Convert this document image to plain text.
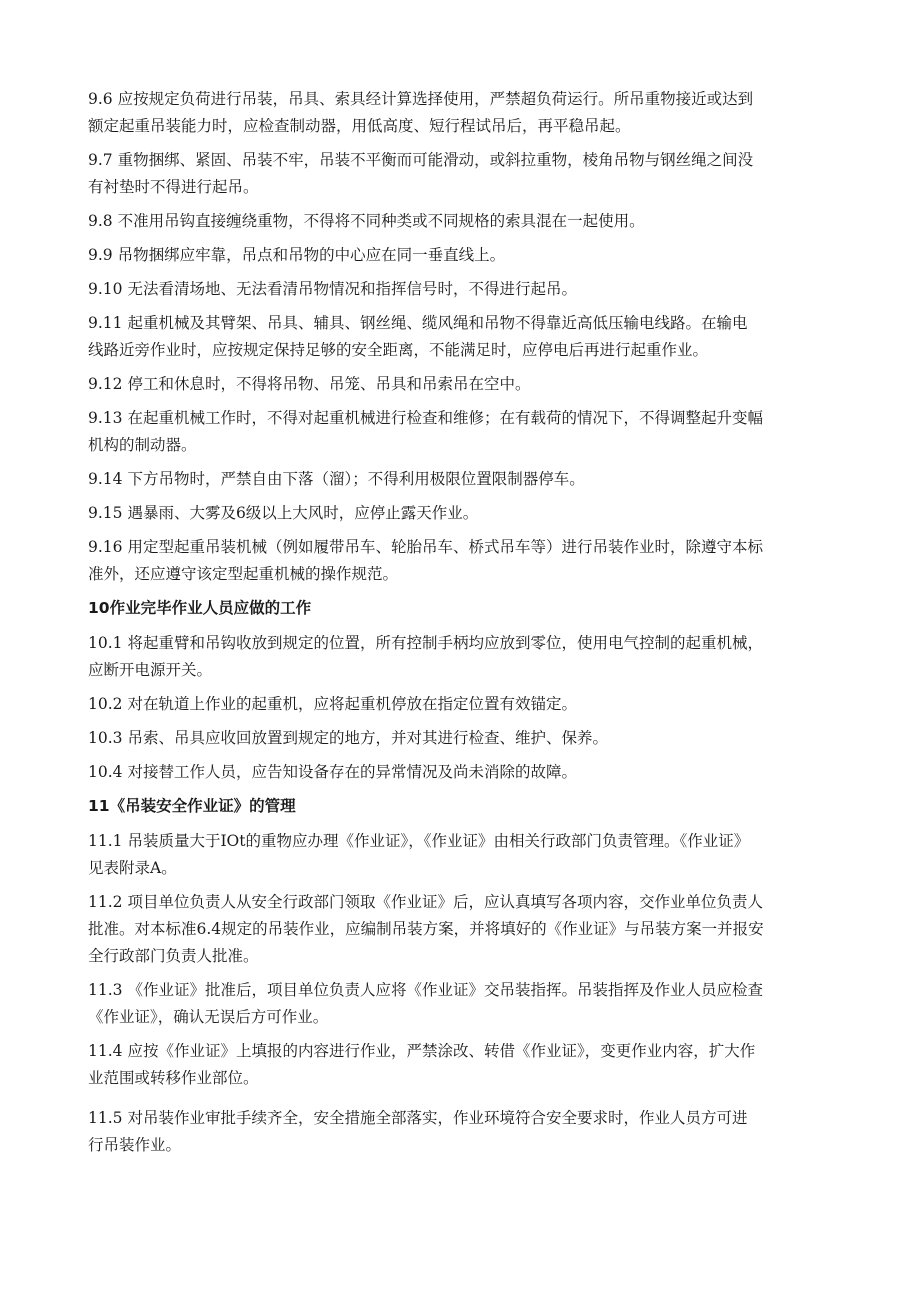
9.6 应按规定负荷进行吊装，吊具、索具经计算选择使用，严禁超负荷运行。所吊重物接近或达到
额定起重吊装能力时，应检查制动器，用低高度、短行程试吊后，再平稳吊起。
9.7 重物捆绑、紧固、吊装不牢，吊装不平衡而可能滑动，或斜拉重物，棱角吊物与钢丝绳之间没
有衬垫时不得进行起吊。
9.8 不准用吊钩直接缠绕重物，不得将不同种类或不同规格的索具混在一起使用。
9.9 吊物捆绑应牢靠，吊点和吊物的中心应在同一垂直线上。
9.10 无法看清场地、无法看清吊物情况和指挥信号时，不得进行起吊。
9.11 起重机械及其臂架、吊具、辅具、钢丝绳、缆风绳和吊物不得靠近高低压输电线路。在输电
线路近旁作业时，应按规定保持足够的安全距离，不能满足时，应停电后再进行起重作业。
9.12 停工和休息时，不得将吊物、吊笼、吊具和吊索吊在空中。
9.13 在起重机械工作时，不得对起重机械进行检查和维修；在有载荷的情况下，不得调整起升变幅
机构的制动器。
9.14 下方吊物时，严禁自由下落（溜）；不得利用极限位置限制器停车。
9.15 遇暴雨、大雾及6级以上大风时，应停止露天作业。
9.16 用定型起重吊装机械（例如履带吊车、轮胎吊车、桥式吊车等）进行吊装作业时，除遵守本标
准外，还应遵守该定型起重机械的操作规范。
10作业完毕作业人员应做的工作
10.1 将起重臂和吊钩收放到规定的位置，所有控制手柄均应放到零位，使用电气控制的起重机械，
应断开电源开关。
10.2 对在轨道上作业的起重机，应将起重机停放在指定位置有效锚定。
10.3 吊索、吊具应收回放置到规定的地方，并对其进行检查、维护、保养。
10.4 对接替工作人员，应告知设备存在的异常情况及尚未消除的故障。
11《吊装安全作业证》的管理
11.1 吊装质量大于IOt的重物应办理《作业证》，《作业证》由相关行政部门负责管理。《作业证》
见表附录A。
11.2 项目单位负责人从安全行政部门领取《作业证》后，应认真填写各项内容，交作业单位负责人
批准。对本标准6.4规定的吊装作业，应编制吊装方案，并将填好的《作业证》与吊装方案一并报安
全行政部门负责人批准。
11.3 《作业证》批准后，项目单位负责人应将《作业证》交吊装指挥。吊装指挥及作业人员应检查
《作业证》，确认无误后方可作业。
11.4 应按《作业证》上填报的内容进行作业，严禁涂改、转借《作业证》，变更作业内容，扩大作
业范围或转移作业部位。
11.5 对吊装作业审批手续齐全，安全措施全部落实，作业环境符合安全要求时，作业人员方可进
行吊装作业。
